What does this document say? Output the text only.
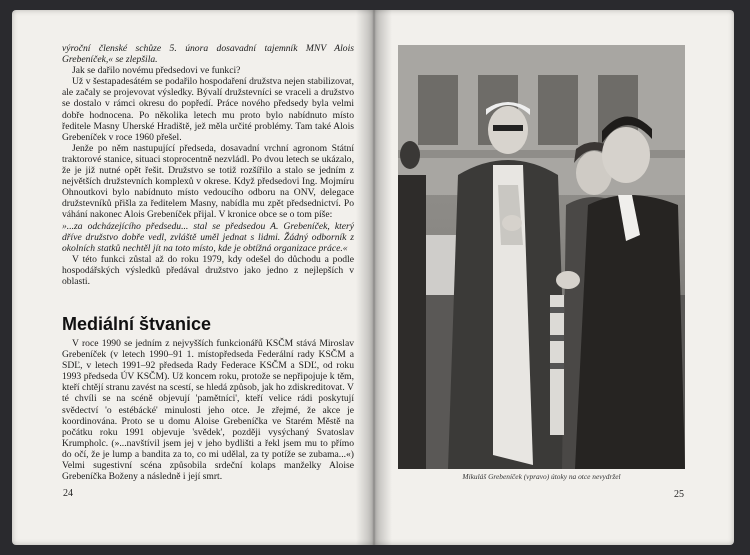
výroční členské schůze 5. února dosavadní tajemník MNV Alois Grebeníček,« se zlepšila.

Jak se dařilo novému předsedovi ve funkci?

Už v šestapadesátém se podařilo hospodaření družstva nejen stabilizovat, ale začaly se projevovat výsledky. Bývalí družstevníci se vraceli a družstvo se dostalo v rámci okresu do popředí. Práce nového předsedy byla velmi dobře hodnocena. Po několika letech mu proto bylo nabídnuto místo ředitele Masny Uherské Hradiště, jež měla určité problémy. Tam také Alois Grebeníček v roce 1960 přešel.

Jenže po něm nastupující předseda, dosavadní vrchní agronom Státní traktorové stanice, situaci stoprocentně nezvládl. Po dvou letech se ukázalo, že je již nutné opět řešit. Družstvo se totiž rozšířilo a stalo se jedním z největších družstevních komplexů v okrese. Když předsedovi Ing. Mojmíru Ohnoutkovi bylo nabídnuto místo vedoucího odboru na ONV, delegace družstevníků přišla za ředitelem Masny, nabídla mu zpět předsednictví. Po váhání nakonec Alois Grebeníček přijal. V kronice obce se o tom píše:

»...za odcházejícího předsedu... stal se předsedou A. Grebeníček, který dříve družstvo dobře vedl, zvláště uměl jednat s lidmi. Žádný odborník z okolních statků nechtěl jít na toto místo, kde je obtížná organizace práce.«

V této funkci zůstal až do roku 1979, kdy odešel do důchodu a podle hospodářských výsledků předával družstvo jako jedno z nejlepších v oblasti.

Mediální štvanice

V roce 1990 se jedním z nejvyšších funkcionářů KSČM stává Miroslav Grebeníček (v letech 1990–91 1. místopředseda Federální rady KSČM a SDĽ, v letech 1991–92 předseda Rady Federace KSČM a SDĽ, od roku 1993 předseda ÚV KSČM). Už koncem roku, protože se nepřipojuje k těm, kteří chtějí stranu zavést na scestí, se hledá způsob, jak ho zdiskreditovat. V té chvíli se na scéně objevují 'pamětníci', kteří velice rádi poskytují svědectví 'o estébácké' minulosti jeho otce. Je zřejmé, že akce je koordinována. Proto se u domu Aloise Grebeníčka ve Starém Městě na počátku roku 1991 objevuje 'svědek', později vysýchaný Svatoslav Krumpholc. (»...navštívil jsem jej v jeho bydlišti a řekl jsem mu to přímo do očí, že je lump a bandita za to, co mi udělal, za ty potíže se zubama...«) Velmi sugestivní scéna způsobila srdeční kolaps manželky Aloise Grebeníčka Boženy a následně i její smrt.

24
Mikuláš Grebeníček (vpravo) útoky na otce nevydržel
25
